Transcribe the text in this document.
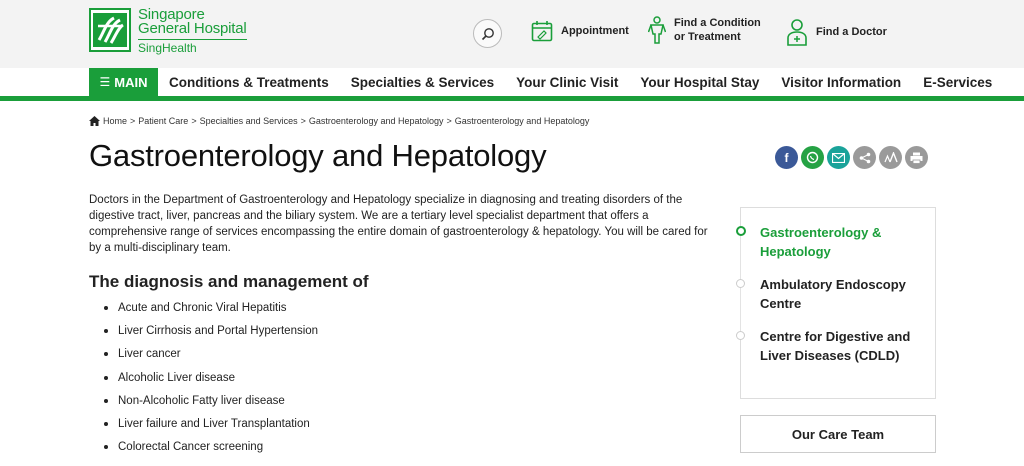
Singapore
General Hospital
SingHealth
Appointment
Find a Condition
or Treatment	Find a Doctor
☰ MAIN	Conditions & Treatments	Specialties & Services	Your Clinic Visit	Your Hospital Stay	Visitor Information	E-Services
Home > Patient Care > Specialties and Services > Gastroenterology and Hepatology > Gastroenterology and Hepatology
Gastroenterology and Hepatology	f

Doctors in the Department of Gastroenterology and Hepatology specialize in diagnosing and treating disorders of the digestive tract, liver, pancreas and the biliary system. We are a tertiary level specialist department that offers a comprehensive range of services encompassing the entire domain of gastroenterology & hepatology. You will be cared for by a multi-disciplinary team.

The diagnosis and management of
Acute and Chronic Viral Hepatitis
Liver Cirrhosis and Portal Hypertension
Liver cancer
Alcoholic Liver disease
Non-Alcoholic Fatty liver disease
Liver failure and Liver Transplantation
Colorectal Cancer screening
Gastroenterology &
Hepatology
Ambulatory Endoscopy
Centre
Centre for Digestive and
Liver Diseases (CDLD)
Our Care Team
